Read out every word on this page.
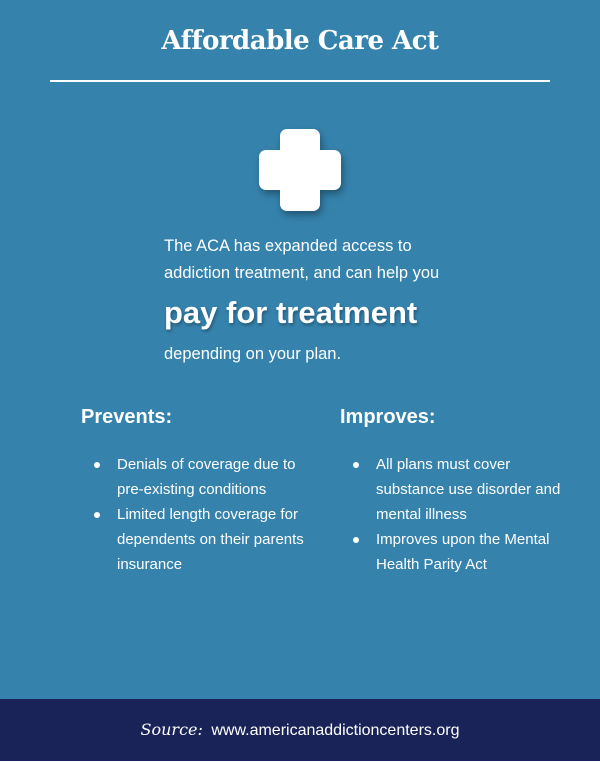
Affordable Care Act
The ACA has expanded access to
addiction treatment, and can help you
pay for treatment
depending on your plan.
Prevents:
Denials of coverage due to pre-existing conditions
Limited length coverage for dependents on their parents insurance
Improves:
All plans must cover substance use disorder and mental illness
Improves upon the Mental Health Parity Act
Source: www.americanaddictioncenters.org
